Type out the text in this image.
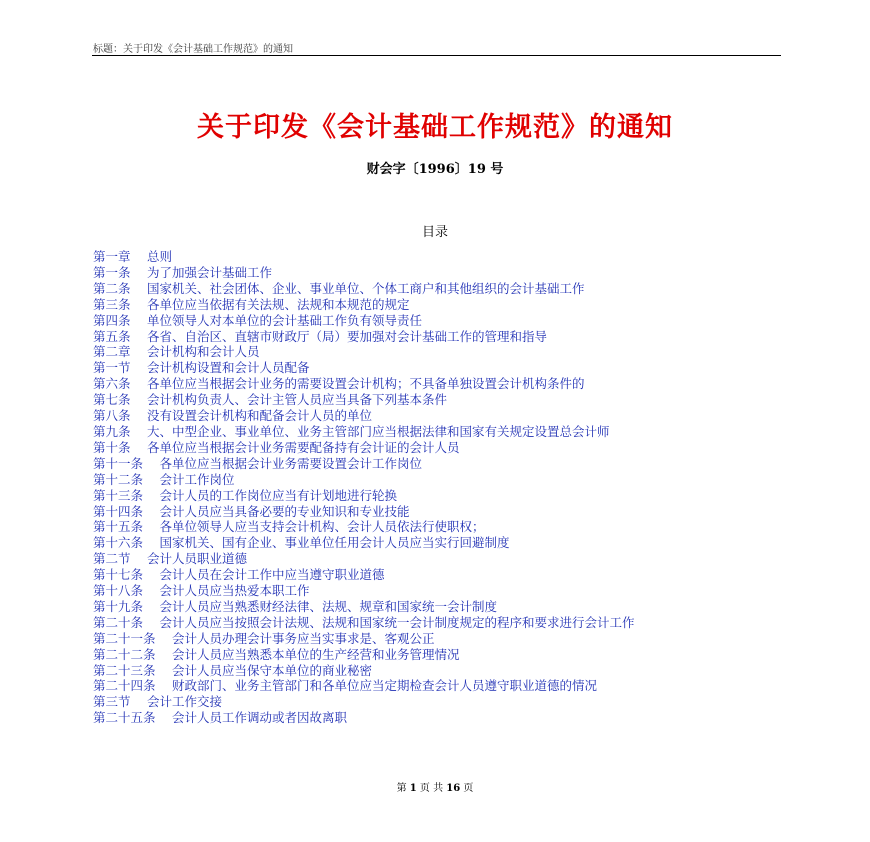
标题：关于印发《会计基础工作规范》的通知
关于印发《会计基础工作规范》的通知
财会字〔1996〕19 号
目录
第一章　 总则
第一条　 为了加强会计基础工作
第二条　 国家机关、社会团体、企业、事业单位、个体工商户和其他组织的会计基础工作
第三条　 各单位应当依据有关法规、法规和本规范的规定
第四条　 单位领导人对本单位的会计基础工作负有领导责任
第五条　 各省、自治区、直辖市财政厅（局）要加强对会计基础工作的管理和指导
第二章　 会计机构和会计人员
第一节　 会计机构设置和会计人员配备
第六条　 各单位应当根据会计业务的需要设置会计机构；不具备单独设置会计机构条件的
第七条　 会计机构负责人、会计主管人员应当具备下列基本条件
第八条　 没有设置会计机构和配备会计人员的单位
第九条　 大、中型企业、事业单位、业务主管部门应当根据法律和国家有关规定设置总会计师
第十条　 各单位应当根据会计业务需要配备持有会计证的会计人员
第十一条　 各单位应当根据会计业务需要设置会计工作岗位
第十二条　 会计工作岗位
第十三条　 会计人员的工作岗位应当有计划地进行轮换
第十四条　 会计人员应当具备必要的专业知识和专业技能
第十五条　 各单位领导人应当支持会计机构、会计人员依法行使职权；
第十六条　 国家机关、国有企业、事业单位任用会计人员应当实行回避制度
第二节　 会计人员职业道德
第十七条　 会计人员在会计工作中应当遵守职业道德
第十八条　 会计人员应当热爱本职工作
第十九条　 会计人员应当熟悉财经法律、法规、规章和国家统一会计制度
第二十条　 会计人员应当按照会计法规、法规和国家统一会计制度规定的程序和要求进行会计工作
第二十一条　 会计人员办理会计事务应当实事求是、客观公正
第二十二条　 会计人员应当熟悉本单位的生产经营和业务管理情况
第二十三条　 会计人员应当保守本单位的商业秘密
第二十四条　 财政部门、业务主管部门和各单位应当定期检查会计人员遵守职业道德的情况
第三节　 会计工作交接
第二十五条　 会计人员工作调动或者因故离职
第 1 页 共 16 页
